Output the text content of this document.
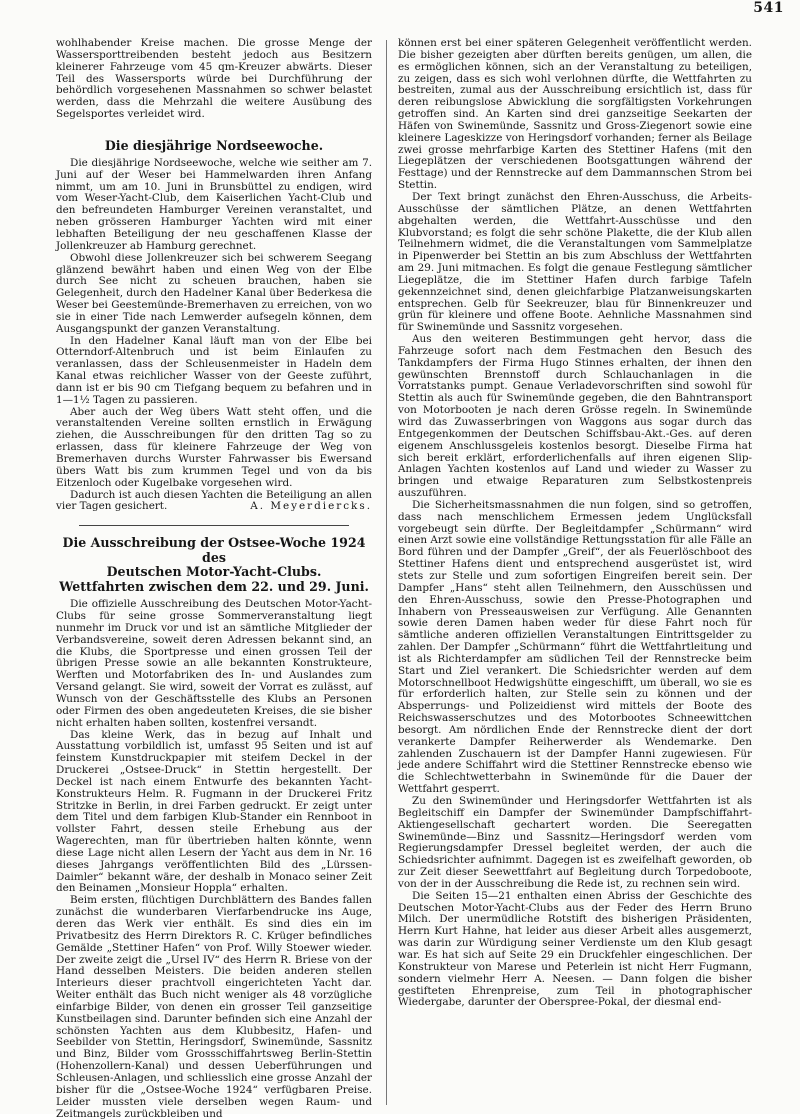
541

wohlhabender Kreise machen. Die grosse Menge der Wassersporttreibenden besteht jedoch aus Besitzern kleinerer Fahrzeuge vom 45 qm-Kreuzer abwärts. Dieser Teil des Wassersports würde bei Durchführung der behördlich vorgesehenen Massnahmen so schwer belastet werden, dass die Mehrzahl die weitere Ausübung des Segelsportes verleidet wird.

Die diesjährige Nordseewoche.

Die diesjährige Nordseewoche, welche wie seither am 7. Juni auf der Weser bei Hammelwarden ihren Anfang nimmt, um am 10. Juni in Brunsbüttel zu endigen, wird vom Weser-Yacht-Club, dem Kaiserlichen Yacht-Club und den befreundeten Hamburger Vereinen veranstaltet, und neben grösseren Hamburger Yachten wird mit einer lebhaften Beteiligung der neu geschaffenen Klasse der Jollenkreuzer ab Hamburg gerechnet.

Obwohl diese Jollenkreuzer sich bei schwerem Seegang glänzend bewährt haben und einen Weg von der Elbe durch See nicht zu scheuen brauchen, haben sie Gelegenheit, durch den Hadelner Kanal über Bederkesa die Weser bei Geestemünde-Bremerhaven zu erreichen, von wo sie in einer Tide nach Lemwerder aufsegeln können, dem Ausgangspunkt der ganzen Veranstaltung.

In den Hadelner Kanal läuft man von der Elbe bei Otterndorf-Altenbruch und ist beim Einlaufen zu veranlassen, dass der Schleusenmeister in Hadeln dem Kanal etwas reichlicher Wasser von der Geeste zuführt, dann ist er bis 90 cm Tiefgang bequem zu befahren und in 1—1½ Tagen zu passieren.

Aber auch der Weg übers Watt steht offen, und die veranstaltenden Vereine sollten ernstlich in Erwägung ziehen, die Ausschreibungen für den dritten Tag so zu erlassen, dass für kleinere Fahrzeuge der Weg von Bremerhaven durchs Wurster Fahrwasser bis Ewersand übers Watt bis zum krummen Tegel und von da bis Eitzenloch oder Kugelbake vorgesehen wird.

Dadurch ist auch diesen Yachten die Beteiligung an allen vier Tagen gesichert.	A. Meyerdiercks.

Die Ausschreibung der Ostsee-Woche 1924 des
Deutschen Motor-Yacht-Clubs.
Wettfahrten zwischen dem 22. und 29. Juni.

Die offizielle Ausschreibung des Deutschen Motor-Yacht-Clubs für seine grosse Sommerveranstaltung liegt nunmehr im Druck vor und ist an sämtliche Mitglieder der Verbandsvereine, soweit deren Adressen bekannt sind, an die Klubs, die Sportpresse und einen grossen Teil der übrigen Presse sowie an alle bekannten Konstrukteure, Werften und Motorfabriken des In- und Auslandes zum Versand gelangt. Sie wird, soweit der Vorrat es zulässt, auf Wunsch von der Geschäftsstelle des Klubs an Personen oder Firmen des oben angedeuteten Kreises, die sie bisher nicht erhalten haben sollten, kostenfrei versandt.

Das kleine Werk, das in bezug auf Inhalt und Ausstattung vorbildlich ist, umfasst 95 Seiten und ist auf feinstem Kunstdruckpapier mit steifem Deckel in der Druckerei „Ostsee-Druck“ in Stettin hergestellt. Der Deckel ist nach einem Entwurfe des bekannten Yacht-Konstrukteurs Helm. R. Fugmann in der Druckerei Fritz Stritzke in Berlin, in drei Farben gedruckt. Er zeigt unter dem Titel und dem farbigen Klub-Stander ein Rennboot in vollster Fahrt, dessen steile Erhebung aus der Wagerechten, man für übertrieben halten könnte, wenn diese Lage nicht allen Lesern der Yacht aus dem in Nr. 16 dieses Jahrgangs veröffentlichten Bild des „Lürssen-Daimler“ bekannt wäre, der deshalb in Monaco seiner Zeit den Beinamen „Monsieur Hoppla“ erhalten.

Beim ersten, flüchtigen Durchblättern des Bandes fallen zunächst die wunderbaren Vierfarbendrucke ins Auge, deren das Werk vier enthält. Es sind dies ein im Privatbesitz des Herrn Direktors R. C. Krüger befindliches Gemälde „Stettiner Hafen“ von Prof. Willy Stoewer wieder. Der zweite zeigt die „Ursel IV“ des Herrn R. Briese von der Hand desselben Meisters. Die beiden anderen stellen Interieurs dieser prachtvoll eingerichteten Yacht dar. Weiter enthält das Buch nicht weniger als 48 vorzügliche einfarbige Bilder, von denen ein grosser Teil ganzseitige Kunstbeilagen sind. Darunter befinden sich eine Anzahl der schönsten Yachten aus dem Klubbesitz, Hafen- und Seebilder von Stettin, Heringsdorf, Swinemünde, Sassnitz und Binz, Bilder vom Grossschiffahrtsweg Berlin-Stettin (Hohenzollern-Kanal) und dessen Ueberführungen und Schleusen-Anlagen, und schliesslich eine grosse Anzahl der bisher für die „Ostsee-Woche 1924“ verfügbaren Preise. Leider mussten viele derselben wegen Raum- und Zeitmangels zurückbleiben und

können erst bei einer späteren Gelegenheit veröffentlicht werden. Die bisher gezeigten aber dürften bereits genügen, um allen, die es ermöglichen können, sich an der Veranstaltung zu beteiligen, zu zeigen, dass es sich wohl verlohnen dürfte, die Wettfahrten zu bestreiten, zumal aus der Ausschreibung ersichtlich ist, dass für deren reibungslose Abwicklung die sorgfältigsten Vorkehrungen getroffen sind. An Karten sind drei ganzseitige Seekarten der Häfen von Swinemünde, Sassnitz und Gross-Ziegenort sowie eine kleinere Lageskizze von Heringsdorf vorhanden; ferner als Beilage zwei grosse mehrfarbige Karten des Stettiner Hafens (mit den Liegeplätzen der verschiedenen Bootsgattungen während der Festtage) und der Rennstrecke auf dem Dammannschen Strom bei Stettin.

Der Text bringt zunächst den Ehren-Ausschuss, die Arbeits-Ausschüsse der sämtlichen Plätze, an denen Wettfahrten abgehalten werden, die Wettfahrt-Ausschüsse und den Klubvorstand; es folgt die sehr schöne Plakette, die der Klub allen Teilnehmern widmet, die die Veranstaltungen vom Sammelplatze in Pipenwerder bei Stettin an bis zum Abschluss der Wettfahrten am 29. Juni mitmachen. Es folgt die genaue Festlegung sämtlicher Liegeplätze, die im Stettiner Hafen durch farbige Tafeln gekennzeichnet sind, denen gleichfarbige Platzanweisungskarten entsprechen. Gelb für Seekreuzer, blau für Binnenkreuzer und grün für kleinere und offene Boote. Aehnliche Massnahmen sind für Swinemünde und Sassnitz vorgesehen.

Aus den weiteren Bestimmungen geht hervor, dass die Fahrzeuge sofort nach dem Festmachen den Besuch des Tankdampfers der Firma Hugo Stinnes erhalten, der ihnen den gewünschten Brennstoff durch Schlauchanlagen in die Vorratstanks pumpt. Genaue Verladevorschriften sind sowohl für Stettin als auch für Swinemünde gegeben, die den Bahntransport von Motorbooten je nach deren Grösse regeln. In Swinemünde wird das Zuwasserbringen von Waggons aus sogar durch das Entgegenkommen der Deutschen Schiffsbau-Akt.-Ges. auf deren eigenem Anschlussgeleis kostenlos besorgt. Dieselbe Firma hat sich bereit erklärt, erforderlichenfalls auf ihren eigenen Slip-Anlagen Yachten kostenlos auf Land und wieder zu Wasser zu bringen und etwaige Reparaturen zum Selbstkostenpreis auszuführen.

Die Sicherheitsmassnahmen die nun folgen, sind so getroffen, dass nach menschlichem Ermessen jedem Unglücksfall vorgebeugt sein dürfte. Der Begleitdampfer „Schürmann“ wird einen Arzt sowie eine vollständige Rettungsstation für alle Fälle an Bord führen und der Dampfer „Greif“, der als Feuerlöschboot des Stettiner Hafens dient und entsprechend ausgerüstet ist, wird stets zur Stelle und zum sofortigen Eingreifen bereit sein. Der Dampfer „Hans“ steht allen Teilnehmern, den Ausschüssen und den Ehren-Ausschuss, sowie den Presse-Photographen und Inhabern von Presseausweisen zur Verfügung. Alle Genannten sowie deren Damen haben weder für diese Fahrt noch für sämtliche anderen offiziellen Veranstaltungen Eintrittsgelder zu zahlen. Der Dampfer „Schürmann“ führt die Wettfahrtleitung und ist als Richterdampfer am südlichen Teil der Rennstrecke beim Start und Ziel verankert. Die Schiedsrichter werden auf dem Motorschnellboot Hedwigshütte eingeschifft, um überall, wo sie es für erforderlich halten, zur Stelle sein zu können und der Absperrungs- und Polizeidienst wird mittels der Boote des Reichswasserschutzes und des Motorbootes Schneewittchen besorgt. Am nördlichen Ende der Rennstrecke dient der dort verankerte Dampfer Reiherwerder als Wendemarke. Den zahlenden Zuschauern ist der Dampfer Hanni zugewiesen. Für jede andere Schiffahrt wird die Stettiner Rennstrecke ebenso wie die Schlechtwetterbahn in Swinemünde für die Dauer der Wettfahrt gesperrt.

Zu den Swinemünder und Heringsdorfer Wettfahrten ist als Begleitschiff ein Dampfer der Swinemünder Dampfschiffahrt-Aktiengesellschaft gechartert worden. Die Seeregatten Swinemünde—Binz und Sassnitz—Heringsdorf werden vom Regierungsdampfer Dressel begleitet werden, der auch die Schiedsrichter aufnimmt. Dagegen ist es zweifelhaft geworden, ob zur Zeit dieser Seewettfahrt auf Begleitung durch Torpedoboote, von der in der Ausschreibung die Rede ist, zu rechnen sein wird.

Die Seiten 15—21 enthalten einen Abriss der Geschichte des Deutschen Motor-Yacht-Clubs aus der Feder des Herrn Bruno Milch. Der unermüdliche Rotstift des bisherigen Präsidenten, Herrn Kurt Hahne, hat leider aus dieser Arbeit alles ausgemerzt, was darin zur Würdigung seiner Verdienste um den Klub gesagt war. Es hat sich auf Seite 29 ein Druckfehler eingeschlichen. Der Konstrukteur von Marese und Peterlein ist nicht Herr Fugmann, sondern vielmehr Herr A. Neesen. — Dann folgen die bisher gestifteten Ehrenpreise, zum Teil in photographischer Wiedergabe, darunter der Oberspree-Pokal, der diesmal end-
